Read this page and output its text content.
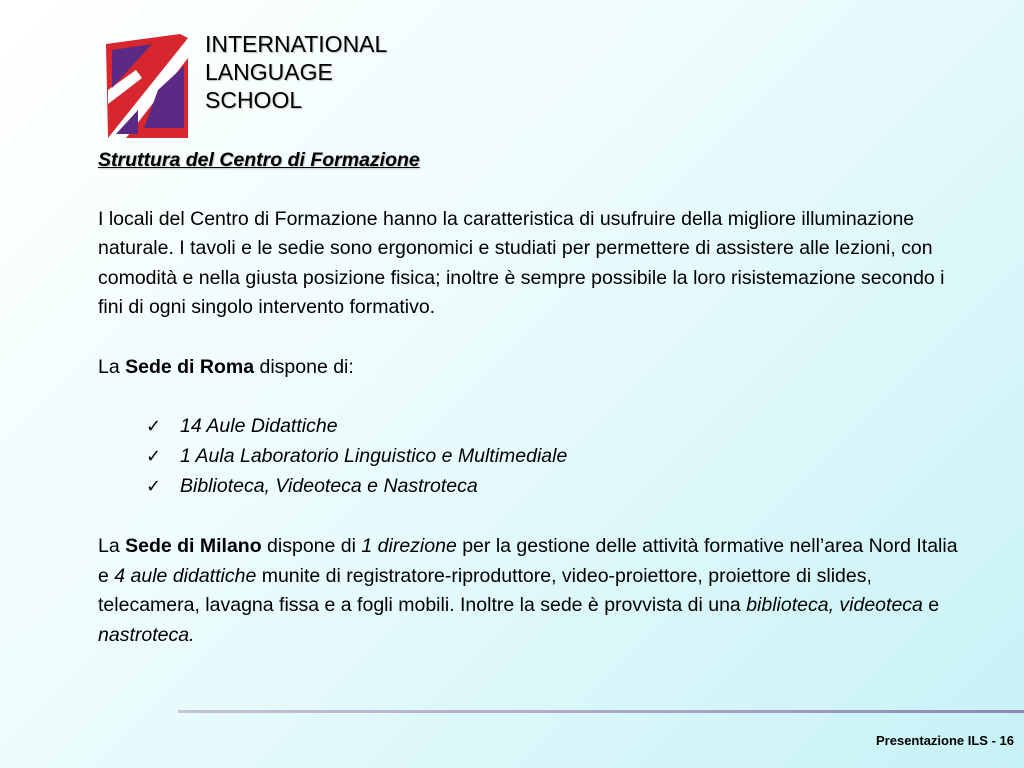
INTERNATIONAL
LANGUAGE
SCHOOL
Struttura del Centro di Formazione

I locali del Centro di Formazione hanno la caratteristica di usufruire della migliore illuminazione naturale. I tavoli e le sedie sono ergonomici e studiati per permettere di assistere alle lezioni, con comodità e nella giusta posizione fisica; inoltre è sempre possibile la loro risistemazione secondo i fini di ogni singolo intervento formativo.

La Sede di Roma dispone di:
✓ 14 Aule Didattiche
✓ 1 Aula Laboratorio Linguistico e Multimediale
✓ Biblioteca, Videoteca e Nastroteca

La Sede di Milano dispone di 1 direzione per la gestione delle attività formative nell’area Nord Italia e 4 aule didattiche munite di registratore-riproduttore, video-proiettore, proiettore di slides, telecamera, lavagna fissa e a fogli mobili. Inoltre la sede è provvista di una biblioteca, videoteca e nastroteca.

Presentazione ILS - 16
